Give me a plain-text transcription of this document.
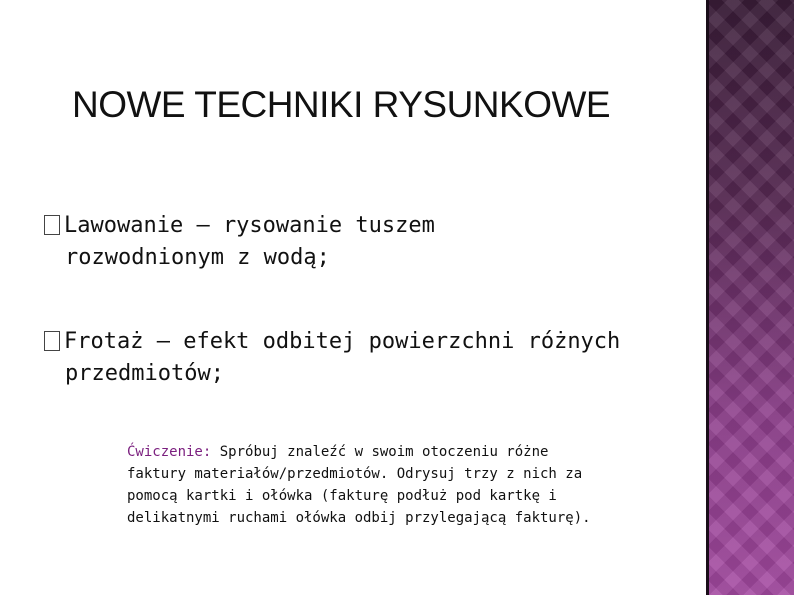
NOWE TECHNIKI RYSUNKOWE
Lawowanie – rysowanie tuszem
rozwodnionym z wodą;
Frotaż – efekt odbitej powierzchni różnych
przedmiotów;
Ćwiczenie: Spróbuj znaleźć w swoim otoczeniu różne faktury materiałów/przedmiotów. Odrysuj trzy z nich za pomocą kartki i ołówka (fakturę podłuż pod kartkę i delikatnymi ruchami ołówka odbij przylegającą fakturę).
